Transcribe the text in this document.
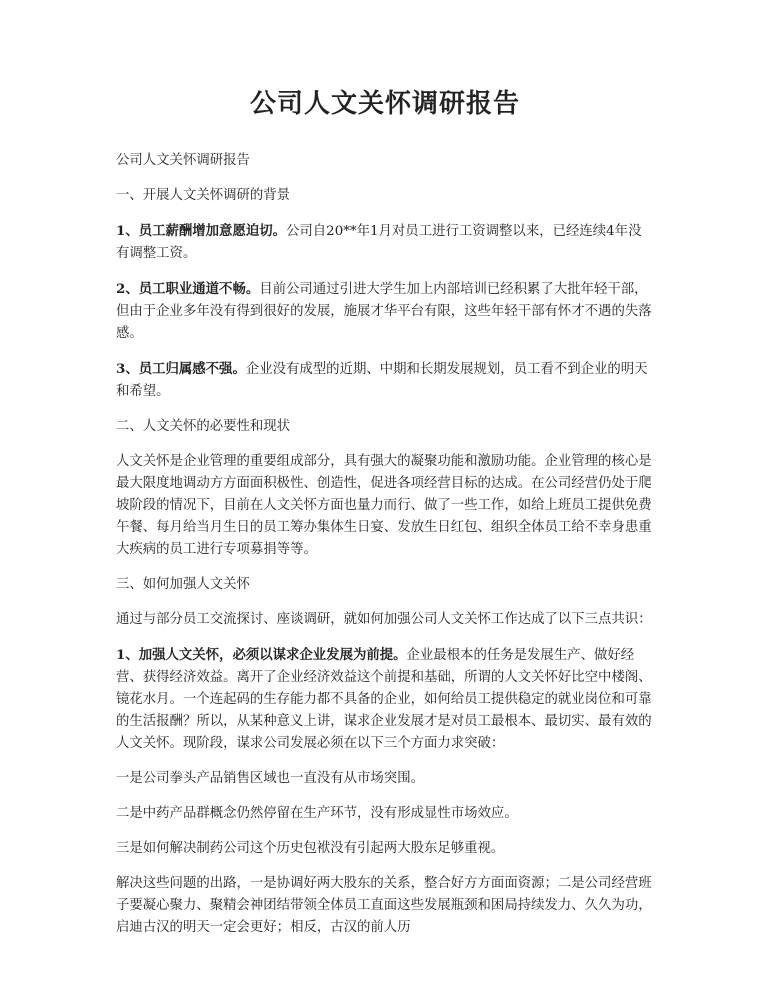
公司人文关怀调研报告

公司人文关怀调研报告

一、开展人文关怀调研的背景

1、员工薪酬增加意愿迫切。公司自20**年1月对员工进行工资调整以来，已经连续4年没有调整工资。

2、员工职业通道不畅。目前公司通过引进大学生加上内部培训已经积累了大批年轻干部，但由于企业多年没有得到很好的发展，施展才华平台有限，这些年轻干部有怀才不遇的失落感。

3、员工归属感不强。企业没有成型的近期、中期和长期发展规划，员工看不到企业的明天和希望。

二、人文关怀的必要性和现状

人文关怀是企业管理的重要组成部分，具有强大的凝聚功能和激励功能。企业管理的核心是最大限度地调动方方面面积极性、创造性，促进各项经营目标的达成。在公司经营仍处于爬坡阶段的情况下，目前在人文关怀方面也量力而行、做了一些工作，如给上班员工提供免费午餐、每月给当月生日的员工筹办集体生日宴、发放生日红包、组织全体员工给不幸身患重大疾病的员工进行专项募捐等等。

三、如何加强人文关怀

通过与部分员工交流探讨、座谈调研，就如何加强公司人文关怀工作达成了以下三点共识：

1、加强人文关怀，必须以谋求企业发展为前提。企业最根本的任务是发展生产、做好经营、获得经济效益。离开了企业经济效益这个前提和基础，所谓的人文关怀好比空中楼阁、镜花水月。一个连起码的生存能力都不具备的企业，如何给员工提供稳定的就业岗位和可靠的生活报酬？所以，从某种意义上讲，谋求企业发展才是对员工最根本、最切实、最有效的人文关怀。现阶段，谋求公司发展必须在以下三个方面力求突破：

一是公司拳头产品销售区域也一直没有从市场突围。

二是中药产品群概念仍然停留在生产环节，没有形成显性市场效应。

三是如何解决制药公司这个历史包袱没有引起两大股东足够重视。

解决这些问题的出路，一是协调好两大股东的关系，整合好方方面面资源；二是公司经营班子要凝心聚力、聚精会神团结带领全体员工直面这些发展瓶颈和困局持续发力、久久为功，启迪古汉的明天一定会更好；相反，古汉的前人历
